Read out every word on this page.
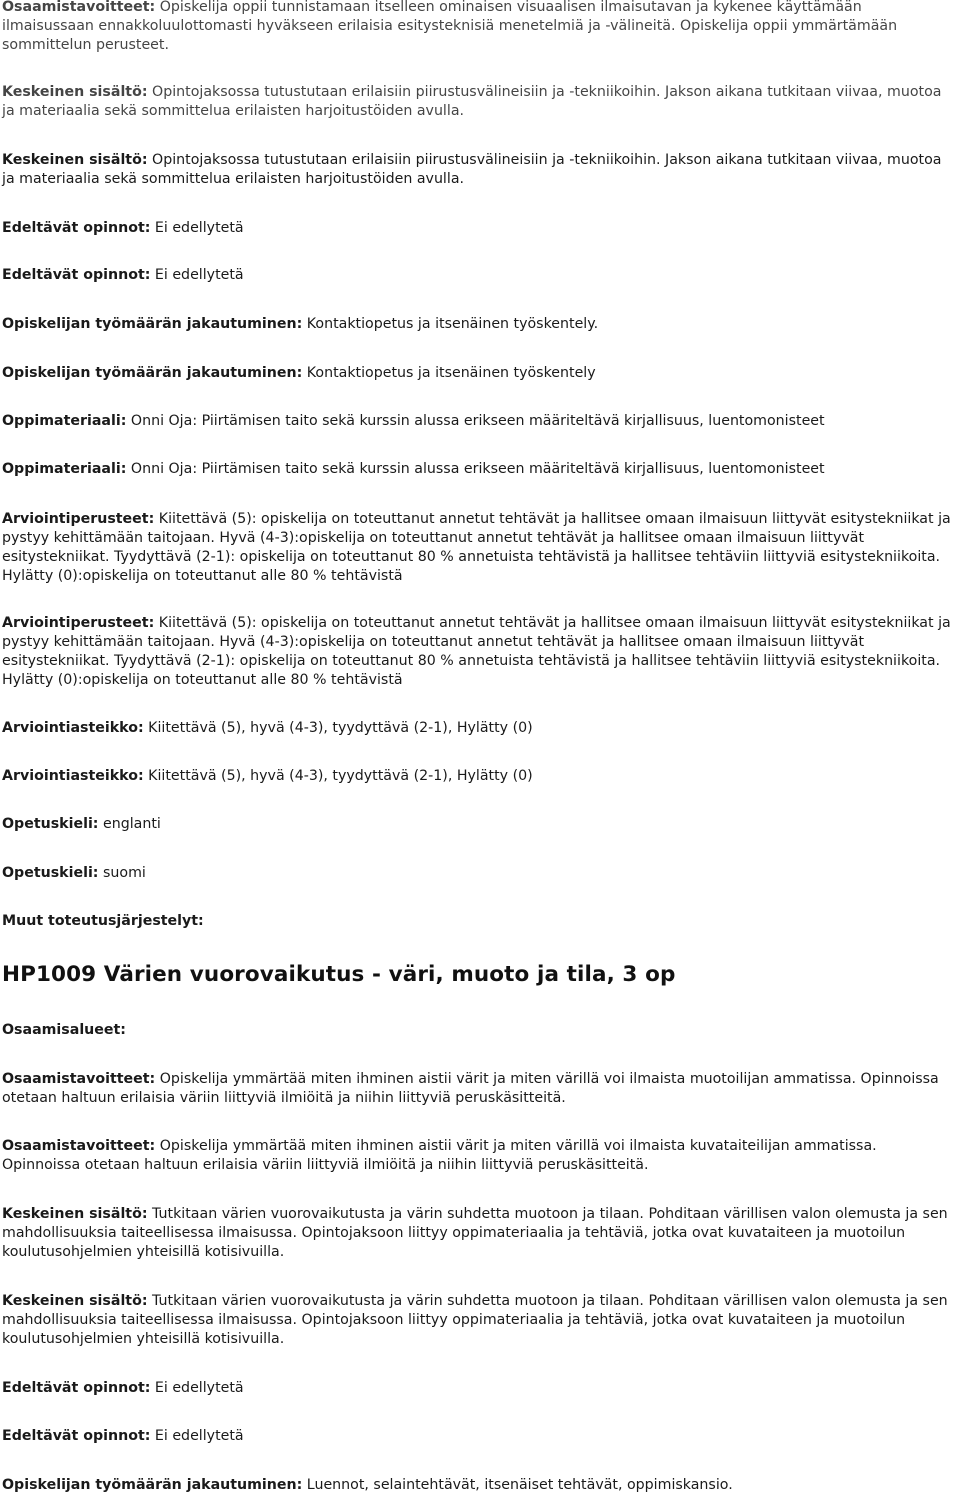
Osaamistavoitteet: Opiskelija oppii tunnistamaan itselleen ominaisen visuaalisen ilmaisutavan ja kykenee käyttämään ilmaisussaan ennakkoluulottomasti hyväkseen erilaisia esitysteknisiä menetelmiä ja -välineitä. Opiskelija oppii ymmärtämään sommittelun perusteet.
Keskeinen sisältö: Opintojaksossa tutustutaan erilaisiin piirustusvälineisiin ja -tekniikoihin. Jakson aikana tutkitaan viivaa, muotoa ja materiaalia sekä sommittelua erilaisten harjoitustöiden avulla.
Keskeinen sisältö: Opintojaksossa tutustutaan erilaisiin piirustusvälineisiin ja -tekniikoihin. Jakson aikana tutkitaan viivaa, muotoa ja materiaalia sekä sommittelua erilaisten harjoitustöiden avulla.
Edeltävät opinnot: Ei edellytetä
Edeltävät opinnot: Ei edellytetä
Opiskelijan työmäärän jakautuminen: Kontaktiopetus ja itsenäinen työskentely.
Opiskelijan työmäärän jakautuminen: Kontaktiopetus ja itsenäinen työskentely
Oppimateriaali: Onni Oja: Piirtämisen taito sekä kurssin alussa erikseen määriteltävä kirjallisuus, luentomonisteet
Oppimateriaali: Onni Oja: Piirtämisen taito sekä kurssin alussa erikseen määriteltävä kirjallisuus, luentomonisteet
Arviointiperusteet: Kiitettävä (5): opiskelija on toteuttanut annetut tehtävät ja hallitsee omaan ilmaisuun liittyvät esitystekniikat ja pystyy kehittämään taitojaan. Hyvä (4-3):opiskelija on toteuttanut annetut tehtävät ja hallitsee omaan ilmaisuun liittyvät esitystekniikat. Tyydyttävä (2-1): opiskelija on toteuttanut 80 % annetuista tehtävistä ja hallitsee tehtäviin liittyviä esitystekniikoita. Hylätty (0):opiskelija on toteuttanut alle 80 % tehtävistä
Arviointiperusteet: Kiitettävä (5): opiskelija on toteuttanut annetut tehtävät ja hallitsee omaan ilmaisuun liittyvät esitystekniikat ja pystyy kehittämään taitojaan. Hyvä (4-3):opiskelija on toteuttanut annetut tehtävät ja hallitsee omaan ilmaisuun liittyvät esitystekniikat. Tyydyttävä (2-1): opiskelija on toteuttanut 80 % annetuista tehtävistä ja hallitsee tehtäviin liittyviä esitystekniikoita. Hylätty (0):opiskelija on toteuttanut alle 80 % tehtävistä
Arviointiasteikko: Kiitettävä (5), hyvä (4-3), tyydyttävä (2-1), Hylätty (0)
Arviointiasteikko: Kiitettävä (5), hyvä (4-3), tyydyttävä (2-1), Hylätty (0)
Opetuskieli: englanti
Opetuskieli: suomi
Muut toteutusjärjestelyt:
HP1009 Värien vuorovaikutus - väri, muoto ja tila, 3 op
Osaamisalueet:
Osaamistavoitteet: Opiskelija ymmärtää miten ihminen aistii värit ja miten värillä voi ilmaista muotoilijan ammatissa. Opinnoissa otetaan haltuun erilaisia väriin liittyviä ilmiöitä ja niihin liittyviä peruskäsitteitä.
Osaamistavoitteet: Opiskelija ymmärtää miten ihminen aistii värit ja miten värillä voi ilmaista kuvataiteilijan ammatissa. Opinnoissa otetaan haltuun erilaisia väriin liittyviä ilmiöitä ja niihin liittyviä peruskäsitteitä.
Keskeinen sisältö: Tutkitaan värien vuorovaikutusta ja värin suhdetta muotoon ja tilaan. Pohditaan värillisen valon olemusta ja sen mahdollisuuksia taiteellisessa ilmaisussa. Opintojaksoon liittyy oppimateriaalia ja tehtäviä, jotka ovat kuvataiteen ja muotoilun koulutusohjelmien yhteisillä kotisivuilla.
Keskeinen sisältö: Tutkitaan värien vuorovaikutusta ja värin suhdetta muotoon ja tilaan. Pohditaan värillisen valon olemusta ja sen mahdollisuuksia taiteellisessa ilmaisussa. Opintojaksoon liittyy oppimateriaalia ja tehtäviä, jotka ovat kuvataiteen ja muotoilun koulutusohjelmien yhteisillä kotisivuilla.
Edeltävät opinnot: Ei edellytetä
Edeltävät opinnot: Ei edellytetä
Opiskelijan työmäärän jakautuminen: Luennot, selaintehtävät, itsenäiset tehtävät, oppimiskansio.
